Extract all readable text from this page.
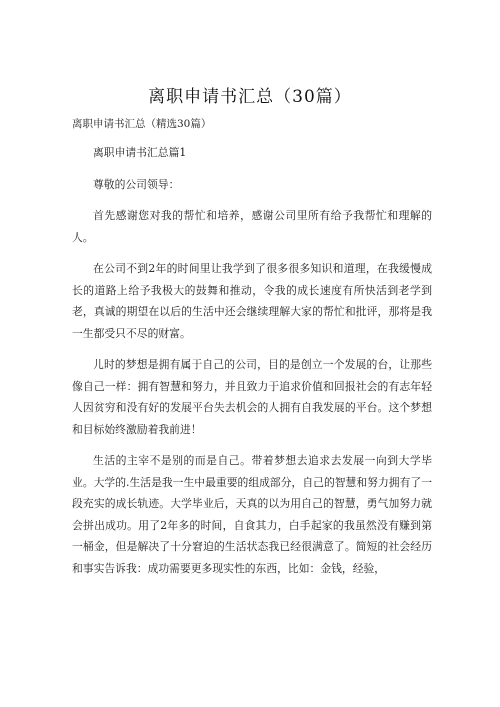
离职申请书汇总（30篇）
离职申请书汇总（精选30篇）

离职申请书汇总篇1

尊敬的公司领导：

首先感谢您对我的帮忙和培养，感谢公司里所有给予我帮忙和理解的人。

在公司不到2年的时间里让我学到了很多很多知识和道理，在我缓慢成长的道路上给予我极大的鼓舞和推动，令我的成长速度有所快活到老学到老，真诚的期望在以后的生活中还会继续理解大家的帮忙和批评，那将是我一生都受只不尽的财富。

儿时的梦想是拥有属于自己的公司，目的是创立一个发展的台，让那些像自己一样：拥有智慧和努力，并且致力于追求价值和回报社会的有志年轻人因贫穷和没有好的发展平台失去机会的人拥有自我发展的平台。这个梦想和目标始终激励着我前进！

生活的主宰不是别的而是自己。带着梦想去追求去发展一向到大学毕业。大学的.生活是我一生中最重要的组成部分，自己的智慧和努力拥有了一段充实的成长轨迹。大学毕业后，天真的以为用自己的智慧，勇气加努力就会拼出成功。用了2年多的时间，自食其力，白手起家的我虽然没有赚到第一桶金，但是解决了十分窘迫的生活状态我已经很满意了。简短的社会经历和事实告诉我：成功需要更多现实性的东西，比如：金钱，经验，
